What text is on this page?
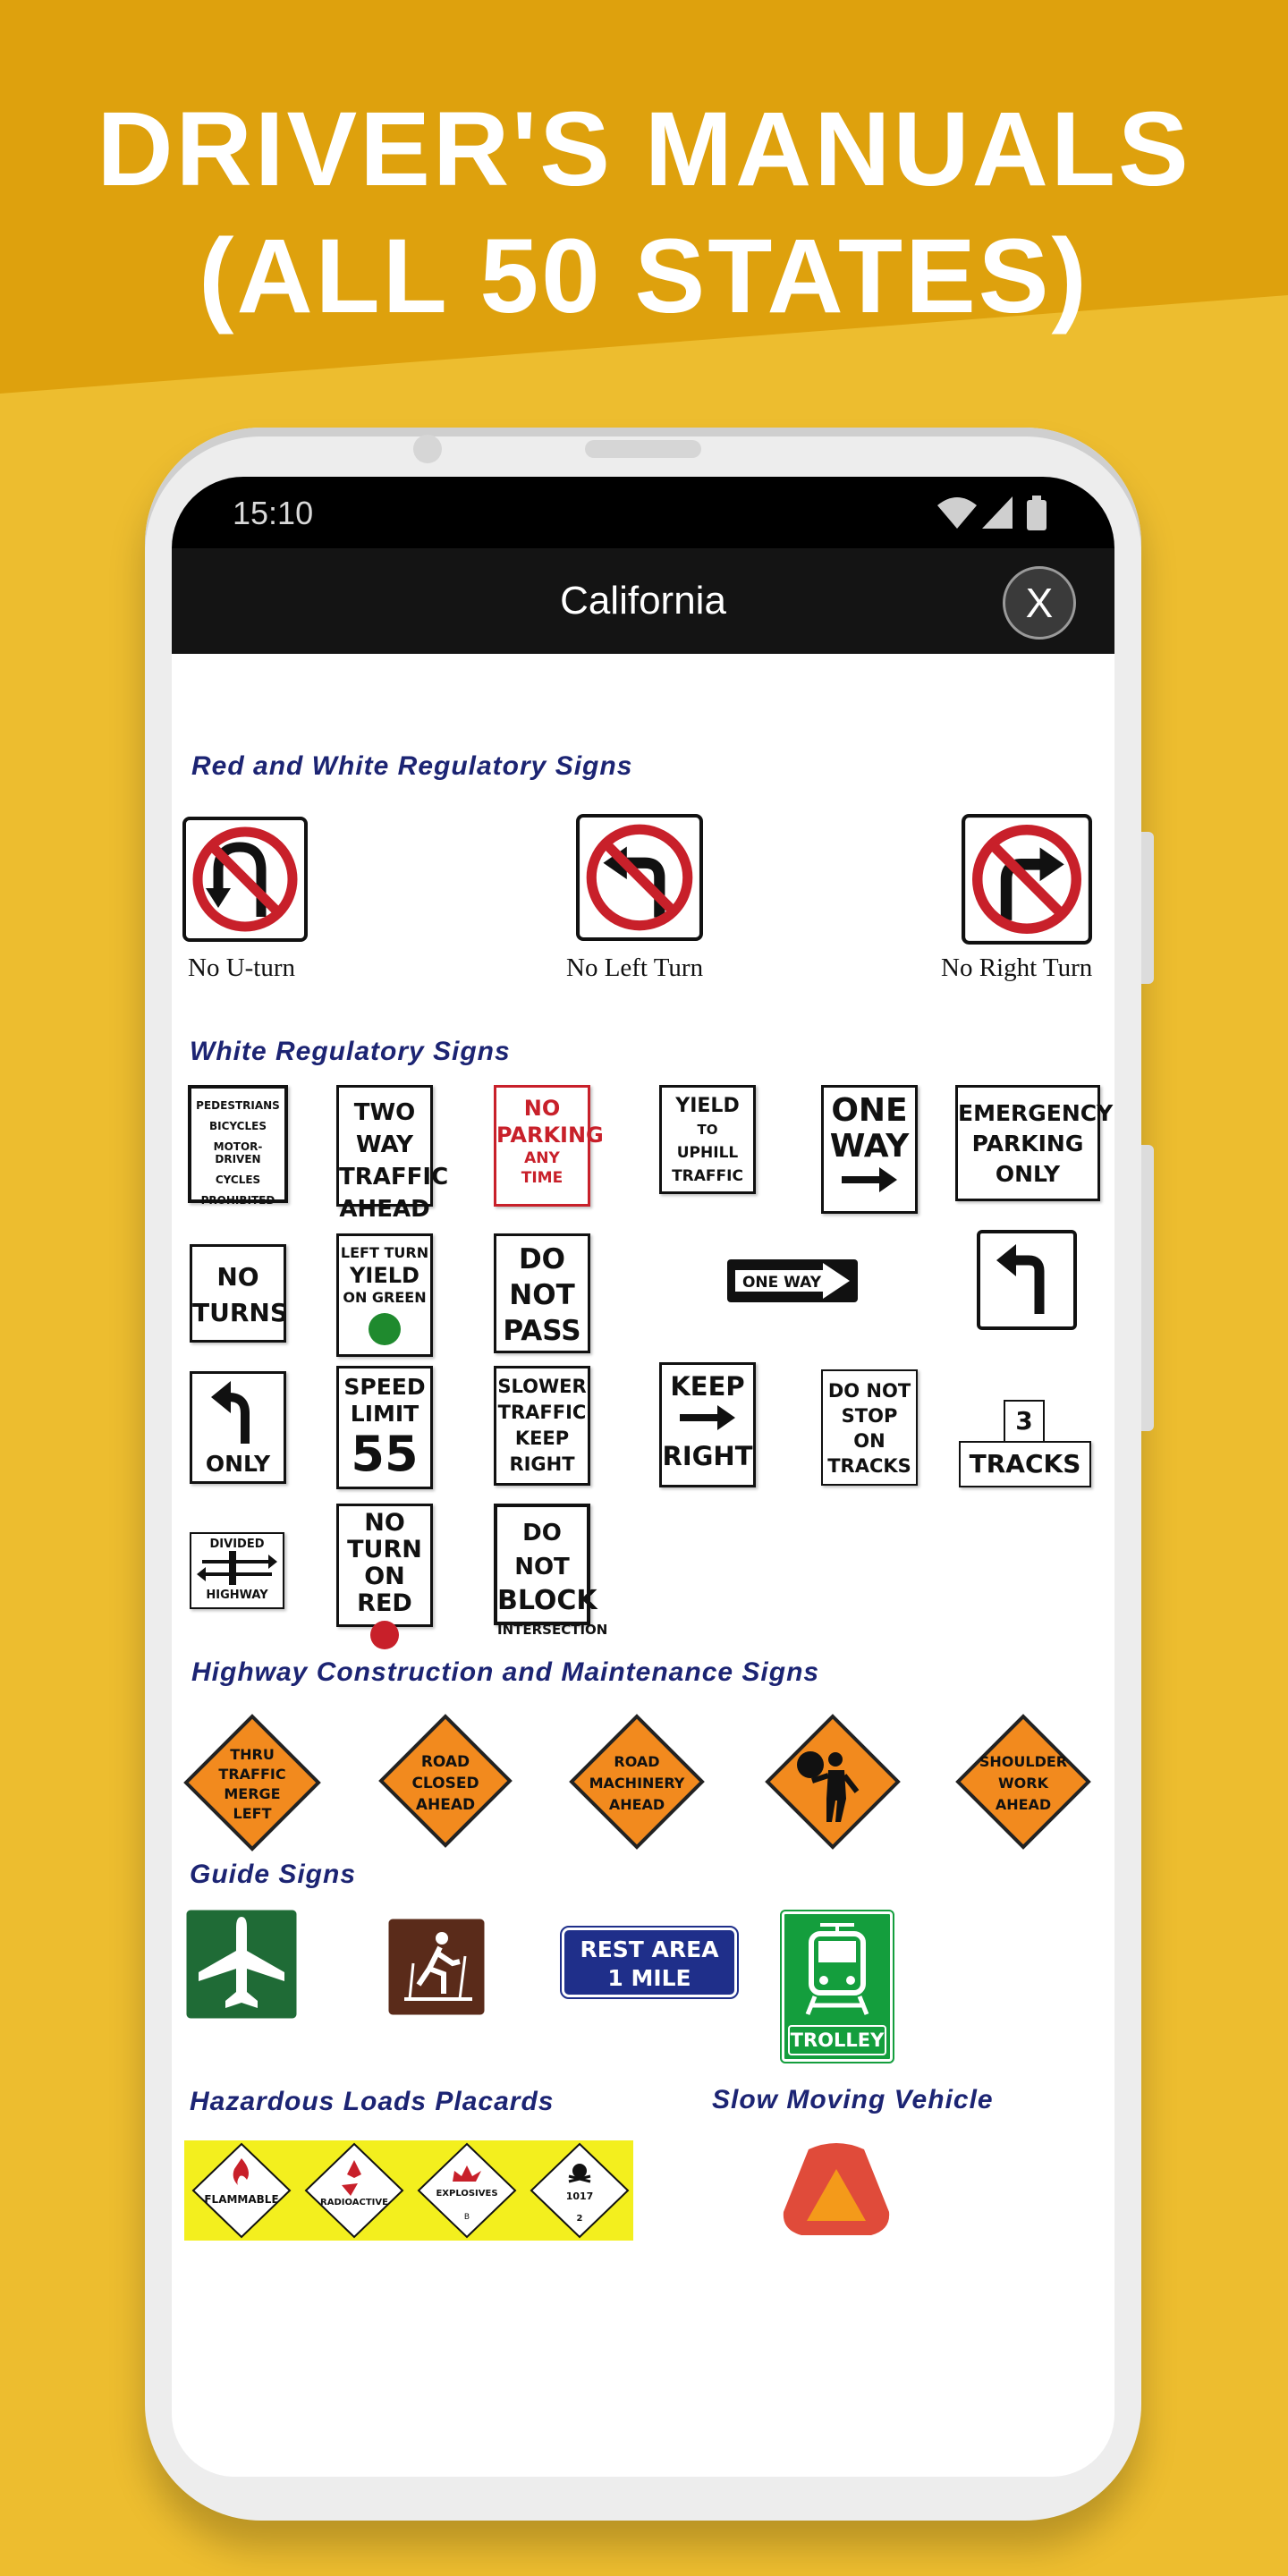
DRIVER'S MANUALS
(ALL 50 STATES)
15:10
California	X
Red and White Regulatory Signs
No U-turn	No Left Turn	No Right Turn
White Regulatory Signs
PEDESTRIANS
BICYCLES
MOTOR-DRIVEN
CYCLES
PROHIBITED
TWO WAY
TRAFFIC
AHEAD
NO
PARKING
ANY
TIME
YIELD
TO
UPHILL
TRAFFIC
ONE
WAY
EMERGENCY
PARKING
ONLY
NO
TURNS
LEFT TURN
YIELD
ON GREEN
DO
NOT
PASS
ONE WAY
ONLY
SPEED
LIMIT
55
SLOWER
TRAFFIC
KEEP
RIGHT
KEEP
RIGHT
DO NOT
STOP
ON
TRACKS
3
TRACKS
DIVIDED
HIGHWAY
NO
TURN
ON RED
DO NOT
BLOCK
INTERSECTION
Highway Construction and Maintenance Signs
THRU TRAFFIC MERGE LEFT
ROAD CLOSED AHEAD
ROAD MACHINERY AHEAD
SHOULDER WORK AHEAD
Guide Signs
REST AREA
1 MILE
TROLLEY
Hazardous Loads Placards	Slow Moving Vehicle
FLAMMABLE	RADIOACTIVE
EXPLOSIVES
B
1017
2
